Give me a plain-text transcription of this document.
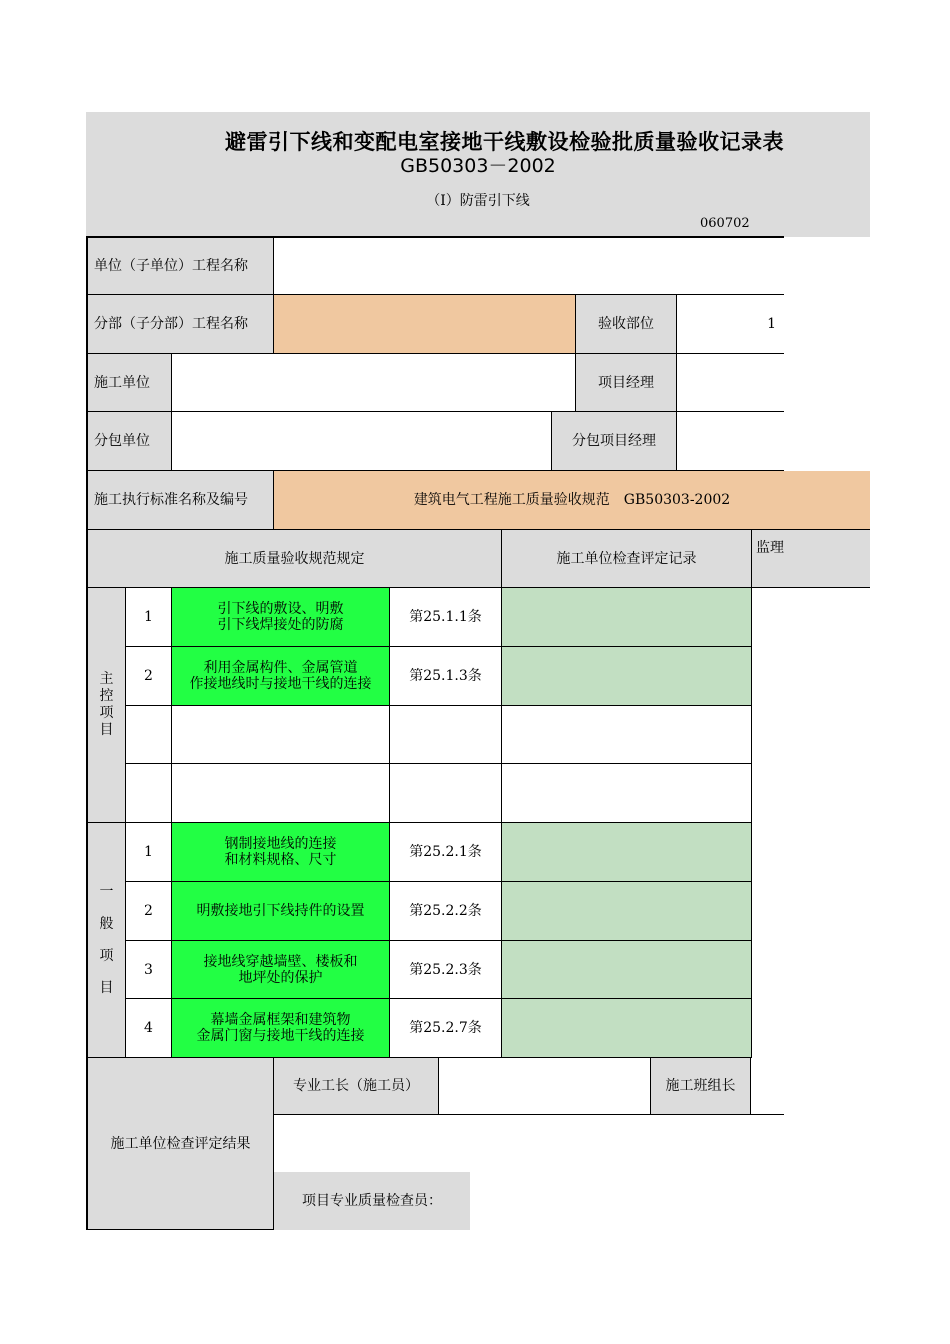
避雷引下线和变配电室接地干线敷设检验批质量验收记录表
GB50303－2002
（Ⅰ）防雷引下线
060702
单位（子单位）工程名称
分部（子分部）工程名称	验收部位	1
施工单位	项目经理
分包单位	分包项目经理
施工执行标准名称及编号	建筑电气工程施工质量验收规范　GB50303-2002
施工质量验收规范规定	施工单位检查评定记录
监理
主
控
项
目
1	引下线的敷设、明敷
引下线焊接处的防腐	第25.1.1条
2	利用金属构件、金属管道
作接地线时与接地干线的连接	第25.1.3条
一
般
项
目
1	钢制接地线的连接
和材料规格、尺寸	第25.2.1条
2	明敷接地引下线持件的设置	第25.2.2条
3	接地线穿越墙壁、楼板和
地坪处的保护	第25.2.3条
4	幕墙金属框架和建筑物
金属门窗与接地干线的连接	第25.2.7条
施工单位检查评定结果
专业工长（施工员）	施工班组长
项目专业质量检查员：
